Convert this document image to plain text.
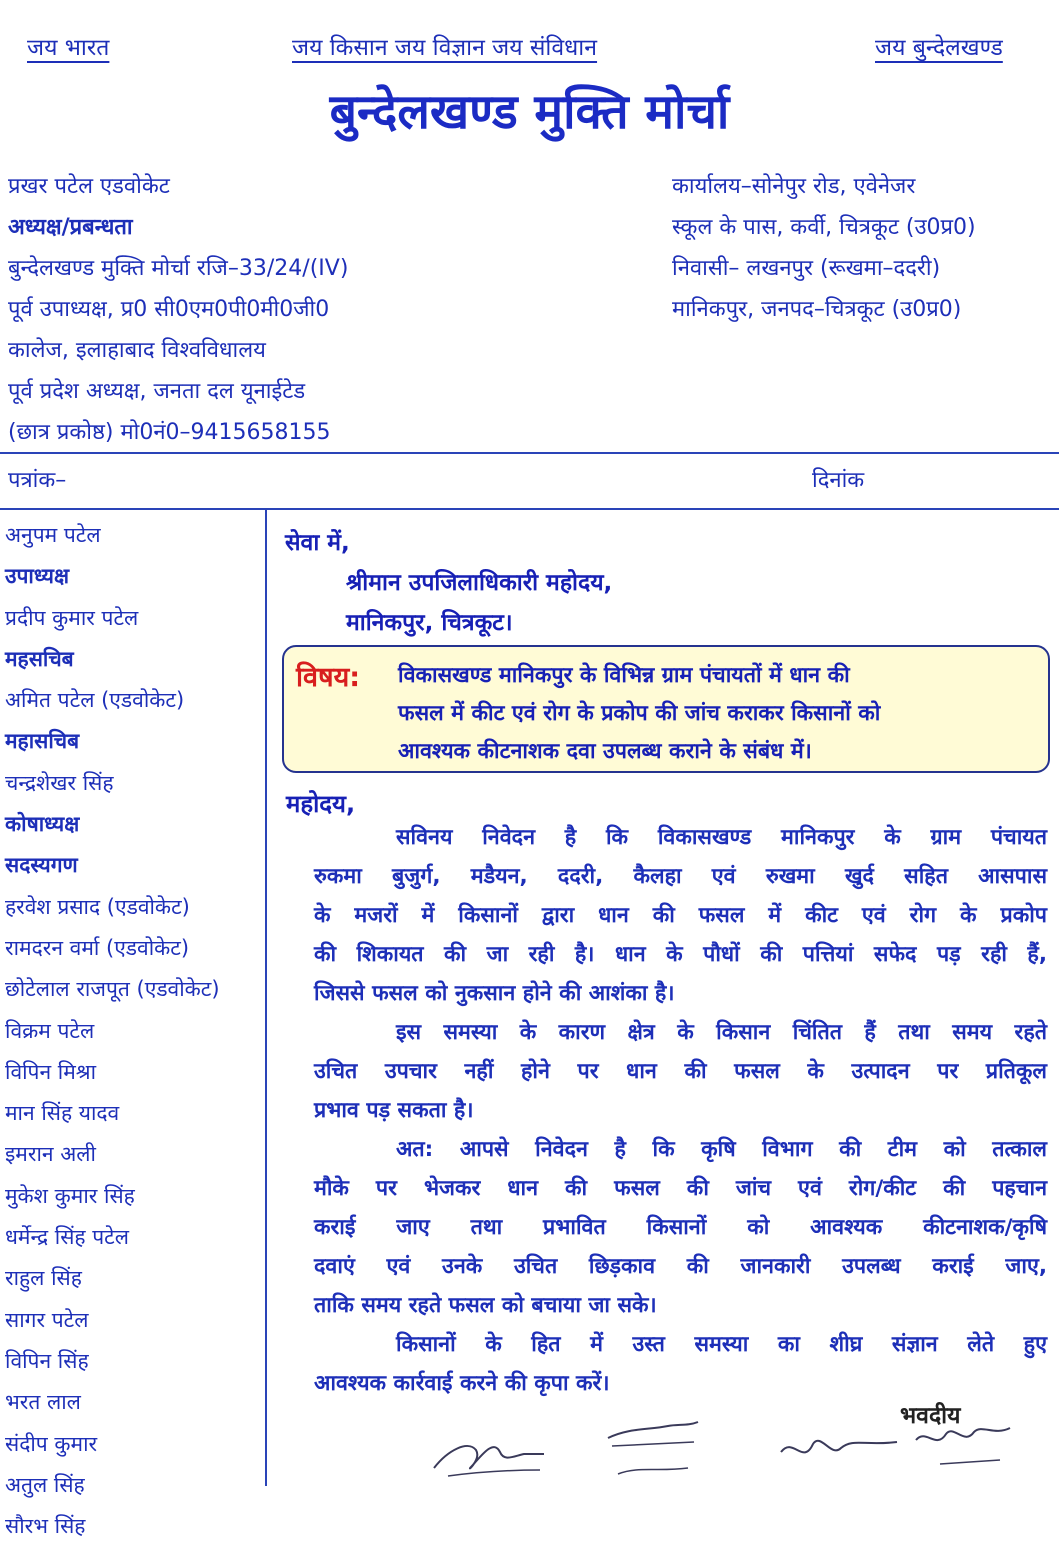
जय भारत	जय किसान जय विज्ञान जय संविधान	जय बुन्देलखण्ड
बुन्देलखण्ड मुक्ति मोर्चा
प्रखर पटेल एडवोकेट
अध्यक्ष/प्रबन्धता
बुन्देलखण्ड मुक्ति मोर्चा रजि–33/24/(IV)
पूर्व उपाध्यक्ष, प्र0 सी0एम0पी0मी0जी0
कालेज, इलाहाबाद विश्वविधालय
पूर्व प्रदेश अध्यक्ष, जनता दल यूनाईटेड
(छात्र प्रकोष्ठ) मो0नं0–9415658155
कार्यालय–सोनेपुर रोड, एवेनेजर
स्कूल के पास, कर्वी, चित्रकूट (उ0प्र0)
निवासी– लखनपुर (रूखमा–ददरी)
मानिकपुर, जनपद–चित्रकूट (उ0प्र0)
पत्रांक–	दिनांक
अनुपम पटेल
उपाध्यक्ष
प्रदीप कुमार पटेल
महसचिब
अमित पटेल (एडवोकेट)
महासचिब
चन्द्रशेखर सिंह
कोषाध्यक्ष
सदस्यगण
हरवेश प्रसाद (एडवोकेट)
रामदरन वर्मा (एडवोकेट)
छोटेलाल राजपूत (एडवोकेट)
विक्रम पटेल
विपिन मिश्रा
मान सिंह यादव
इमरान अली
मुकेश कुमार सिंह
धर्मेन्द्र सिंह पटेल
राहुल सिंह
सागर पटेल
विपिन सिंह
भरत लाल
संदीप कुमार
अतुल सिंह
सौरभ सिंह
सेवा में,
श्रीमान उपजिलाधिकारी महोदय,
मानिकपुर, चित्रकूट।
विषय: विकासखण्ड मानिकपुर के विभिन्न ग्राम पंचायतों में धान की
फसल में कीट एवं रोग के प्रकोप की जांच कराकर किसानों को
आवश्यक कीटनाशक दवा उपलब्ध कराने के संबंध में।
महोदय,
सविनय निवेदन है कि विकासखण्ड मानिकपुर के ग्राम पंचायत
रुकमा बुजुर्ग, मडैयन, ददरी, कैलहा एवं रुखमा खुर्द सहित आसपास
के मजरों में किसानों द्वारा धान की फसल में कीट एवं रोग के प्रकोप
की शिकायत की जा रही है। धान के पौधों की पत्तियां सफेद पड़ रही हैं,
जिससे फसल को नुकसान होने की आशंका है।
इस समस्या के कारण क्षेत्र के किसान चिंतित हैं तथा समय रहते
उचित उपचार नहीं होने पर धान की फसल के उत्पादन पर प्रतिकूल
प्रभाव पड़ सकता है।
अत: आपसे निवेदन है कि कृषि विभाग की टीम को तत्काल
मौके पर भेजकर धान की फसल की जांच एवं रोग/कीट की पहचान
कराई जाए तथा प्रभावित किसानों को आवश्यक कीटनाशक/कृषि
दवाएं एवं उनके उचित छिड़काव की जानकारी उपलब्ध कराई जाए,
ताकि समय रहते फसल को बचाया जा सके।
किसानों के हित में उस्त समस्या का शीघ्र संज्ञान लेते हुए
आवश्यक कार्रवाई करने की कृपा करें।
भवदीय
